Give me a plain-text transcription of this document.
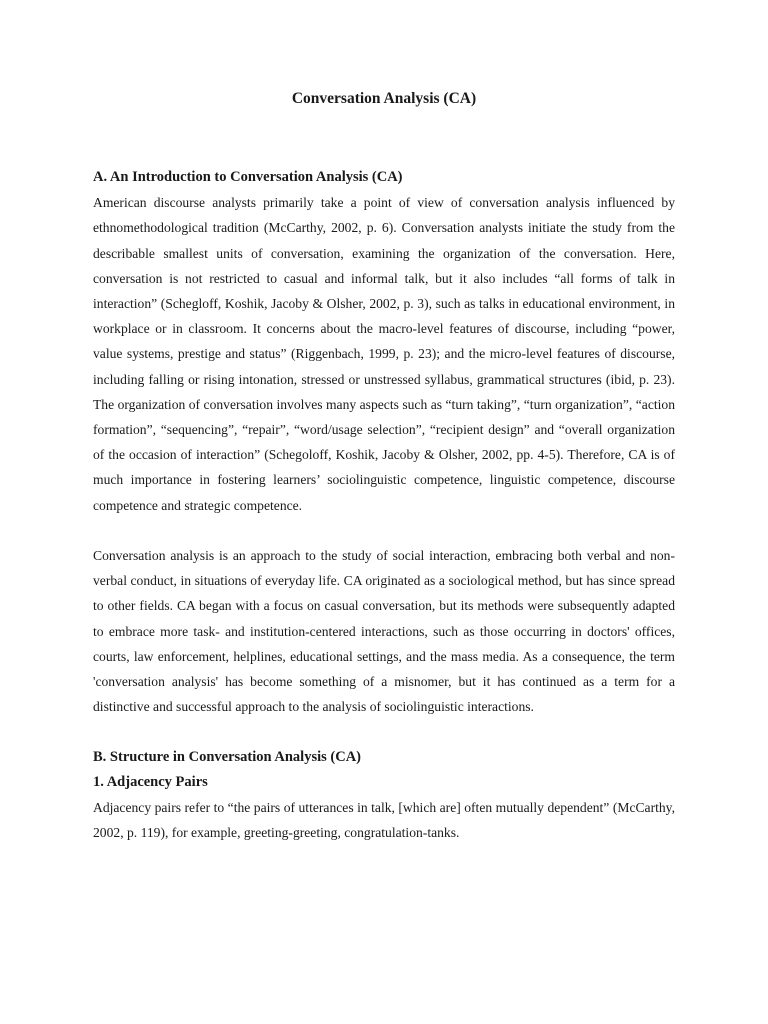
Conversation Analysis (CA)
A. An Introduction to Conversation Analysis (CA)

American discourse analysts primarily take a point of view of conversation analysis influenced by ethnomethodological tradition (McCarthy, 2002, p. 6). Conversation analysts initiate the study from the describable smallest units of conversation, examining the organization of the conversation. Here, conversation is not restricted to casual and informal talk, but it also includes “all forms of talk in interaction” (Schegloff, Koshik, Jacoby & Olsher, 2002, p. 3), such as talks in educational environment, in workplace or in classroom. It concerns about the macro-level features of discourse, including “power, value systems, prestige and status” (Riggenbach, 1999, p. 23); and the micro-level features of discourse, including falling or rising intonation, stressed or unstressed syllabus, grammatical structures (ibid, p. 23). The organization of conversation involves many aspects such as “turn taking”, “turn organization”, “action formation”, “sequencing”, “repair”, “word/usage selection”, “recipient design” and “overall organization of the occasion of interaction” (Schegoloff, Koshik, Jacoby & Olsher, 2002, pp. 4-5). Therefore, CA is of much importance in fostering learners’ sociolinguistic competence, linguistic competence, discourse competence and strategic competence.

Conversation analysis is an approach to the study of social interaction, embracing both verbal and non-verbal conduct, in situations of everyday life. CA originated as a sociological method, but has since spread to other fields. CA began with a focus on casual conversation, but its methods were subsequently adapted to embrace more task- and institution-centered interactions, such as those occurring in doctors' offices, courts, law enforcement, helplines, educational settings, and the mass media. As a consequence, the term 'conversation analysis' has become something of a misnomer, but it has continued as a term for a distinctive and successful approach to the analysis of sociolinguistic interactions.

B. Structure in Conversation Analysis (CA)
1. Adjacency Pairs

Adjacency pairs refer to “the pairs of utterances in talk, [which are] often mutually dependent” (McCarthy, 2002, p. 119), for example, greeting-greeting, congratulation-tanks.
